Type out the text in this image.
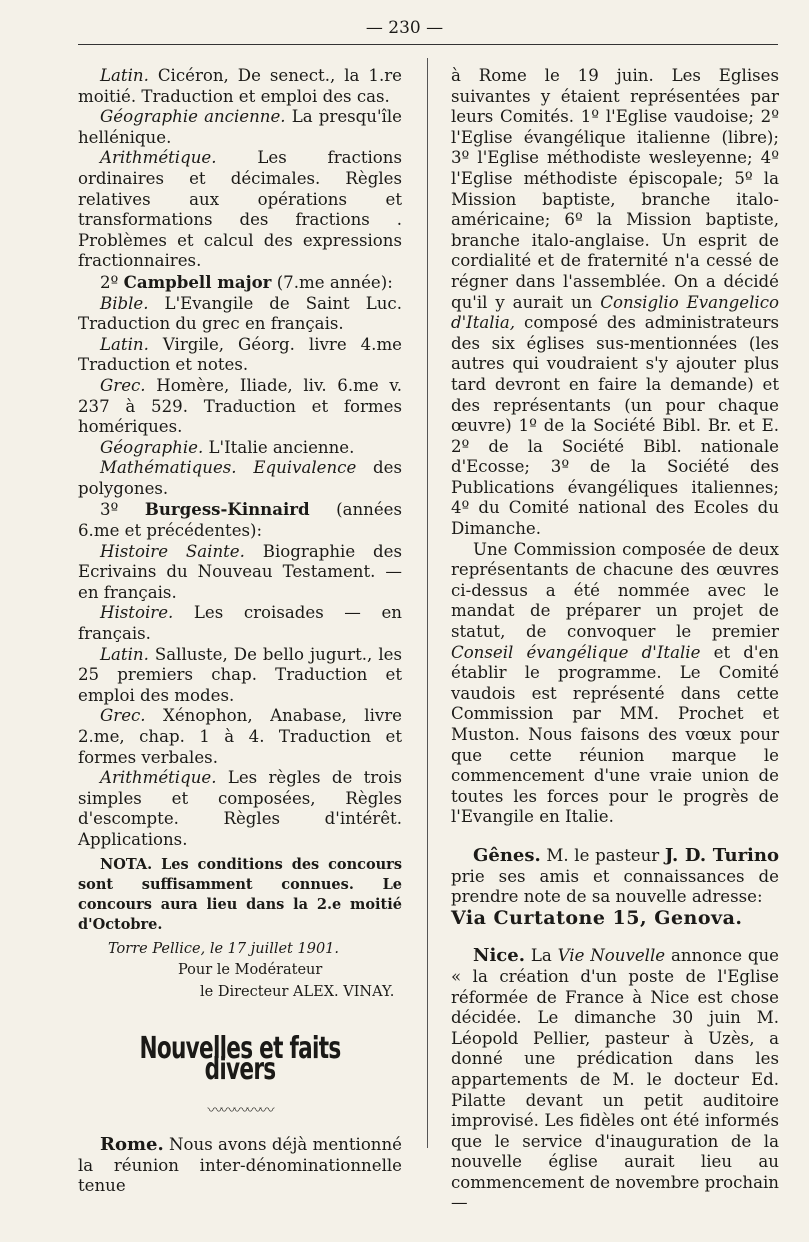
— 230 —

Latin. Cicéron, De senect., la 1.re moitié. Traduction et emploi des cas.

Géographie ancienne. La presqu'île hellénique.

Arithmétique. Les fractions ordinaires et décimales. Règles relatives aux opérations et transformations des fractions . Problèmes et calcul des expressions fractionnaires.

2º Campbell major (7.me année):

Bible. L'Evangile de Saint Luc. Traduction du grec en français.

Latin. Virgile, Géorg. livre 4.me Traduction et notes.

Grec. Homère, Iliade, liv. 6.me v. 237 à 529. Traduction et formes homériques.

Géographie. L'Italie ancienne.

Mathématiques. Equivalence des polygones.

3º Burgess-Kinnaird (années 6.me et précédentes):

Histoire Sainte. Biographie des Ecrivains du Nouveau Testament. — en français.

Histoire. Les croisades — en français.

Latin. Salluste, De bello jugurt., les 25 premiers chap. Traduction et emploi des modes.

Grec. Xénophon, Anabase, livre 2.me, chap. 1 à 4. Traduction et formes verbales.

Arithmétique. Les règles de trois simples et composées, Règles d'escompte. Règles d'intérêt. Applications.

NOTA. Les conditions des concours sont suffisamment connues. Le concours aura lieu dans la 2.e moitié d'Octobre.

Torre Pellice, le 17 juillet 1901.

Pour le Modérateur

le Directeur ALEX. VINAY.

Nouvelles et faits divers

〰〰〰〰〰

Rome. Nous avons déjà mentionné la réunion inter-dénominationnelle tenue

à Rome le 19 juin. Les Eglises suivantes y étaient représentées par leurs Comités. 1º l'Eglise vaudoise; 2º l'Eglise évangélique italienne (libre); 3º l'Eglise méthodiste wesleyenne; 4º l'Eglise méthodiste épiscopale; 5º la Mission baptiste, branche italo-américaine; 6º la Mission baptiste, branche italo-anglaise. Un esprit de cordialité et de fraternité n'a cessé de régner dans l'assemblée. On a décidé qu'il y aurait un Consiglio Evangelico d'Italia, composé des administrateurs des six églises sus-mentionnées (les autres qui voudraient s'y ajouter plus tard devront en faire la demande) et des représentants (un pour chaque œuvre) 1º de la Société Bibl. Br. et E. 2º de la Société Bibl. nationale d'Ecosse; 3º de la Société des Publications évangéliques italiennes; 4º du Comité national des Ecoles du Dimanche.

Une Commission composée de deux représentants de chacune des œuvres ci-dessus a été nommée avec le mandat de préparer un projet de statut, de convoquer le premier Conseil évangélique d'Italie et d'en établir le programme. Le Comité vaudois est représenté dans cette Commission par MM. Prochet et Muston. Nous faisons des vœux pour que cette réunion marque le commencement d'une vraie union de toutes les forces pour le progrès de l'Evangile en Italie.

Gênes. M. le pasteur J. D. Turino prie ses amis et connaissances de prendre note de sa nouvelle adresse:

Via Curtatone 15, Genova.

Nice. La Vie Nouvelle annonce que « la création d'un poste de l'Eglise réformée de France à Nice est chose décidée. Le dimanche 30 juin M. Léopold Pellier, pasteur à Uzès, a donné une prédication dans les appartements de M. le docteur Ed. Pilatte devant un petit auditoire improvisé. Les fidèles ont été informés que le service d'inauguration de la nouvelle église aurait lieu au commencement de novembre prochain —
